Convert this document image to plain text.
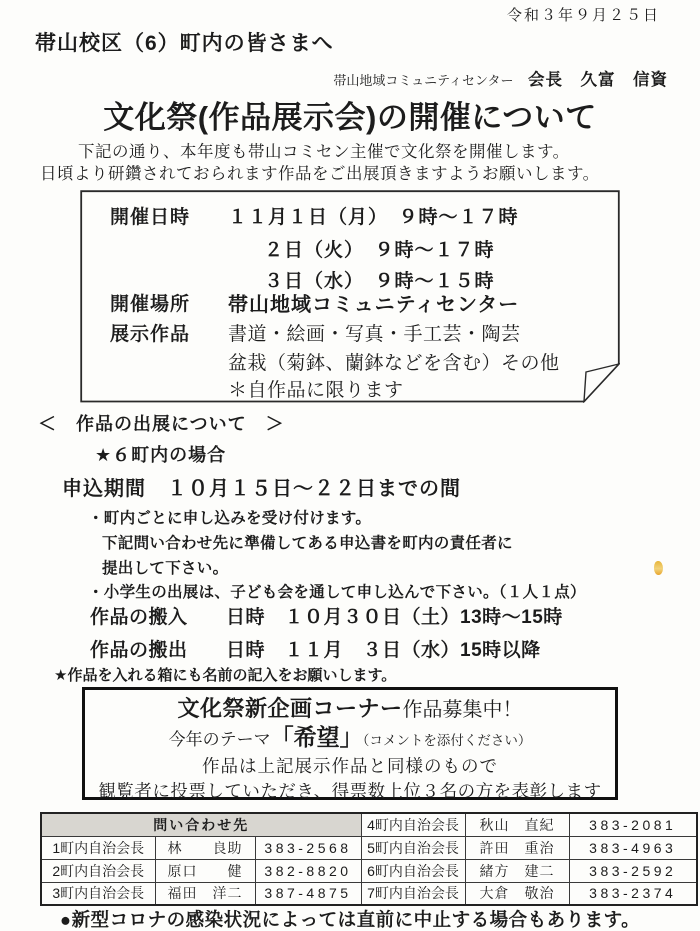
令和３年９月２５日
帯山校区（6）町内の皆さまへ
帯山地域コミュニティセンター 会長　久富　信資
文化祭(作品展示会)の開催について
下記の通り、本年度も帯山コミセン主催で文化祭を開催します。
日頃より研鑽されておられます作品をご出展頂きますようお願いします。
開催日時 １１月１日（月）　９時～１７時
２日（火）　９時～１７時
３日（水）　９時～１５時
開催場所 帯山地域コミュニティセンター
展示作品 書道・絵画・写真・手工芸・陶芸
盆栽（菊鉢、蘭鉢などを含む）その他
＊自作品に限ります
＜　作品の出展について　＞
★６町内の場合
申込期間　１０月１５日～２２日までの間
・町内ごとに申し込みを受け付けます。
下記問い合わせ先に準備してある申込書を町内の責任者に
提出して下さい。
・小学生の出展は、子ども会を通して申し込んで下さい。（１人１点）
作品の搬入 日時　１０月３０日（土）13時～15時
作品の搬出 日時　１１月　３日（水）15時以降
★作品を入れる箱にも名前の記入をお願いします。
文化祭新企画コーナー作品募集中！
今年のテーマ「希望」（コメントを添付ください）
作品は上記展示作品と同様のもので
観覧者に投票していただき、得票数上位３名の方を表彰します
問い合わせ先			4町内自治会長	秋山　直紀	383-2081
1町内自治会長	林　　良助	383-2568	5町内自治会長	許田　重治	383-4963
2町内自治会長	原口　　健	382-8820	6町内自治会長	緒方　建二	383-2592
3町内自治会長	福田　洋二	387-4875	7町内自治会長	大倉　敬治	383-2374
●新型コロナの感染状況によっては直前に中止する場合もあります。
